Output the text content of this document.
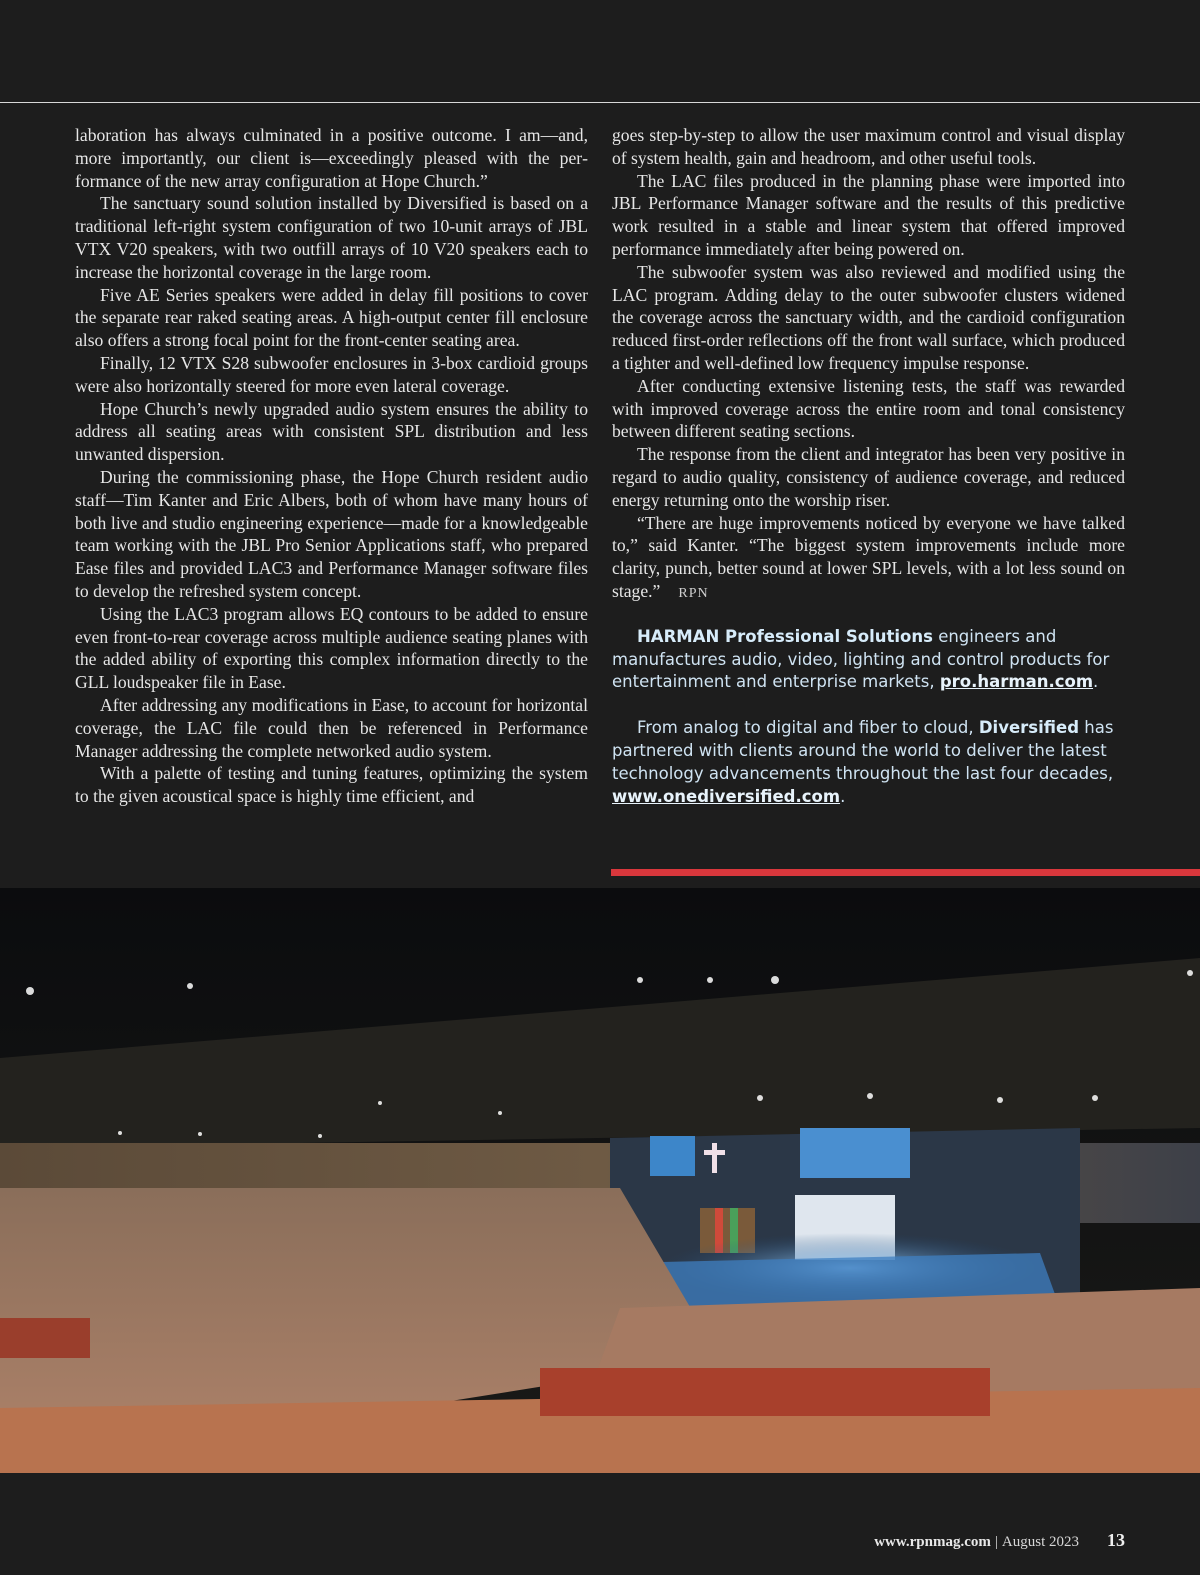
laboration has always culminated in a positive outcome. I am—and, more importantly, our client is—exceedingly pleased with the performance of the new array configuration at Hope Church.”

The sanctuary sound solution installed by Diversified is based on a traditional left-right system configuration of two 10-unit arrays of JBL VTX V20 speakers, with two outfill arrays of 10 V20 speakers each to increase the horizontal coverage in the large room.

Five AE Series speakers were added in delay fill positions to cover the separate rear raked seating areas. A high-output center fill enclosure also offers a strong focal point for the front-center seating area.

Finally, 12 VTX S28 subwoofer enclosures in 3-box cardioid groups were also horizontally steered for more even lateral coverage.

Hope Church’s newly upgraded audio system ensures the ability to address all seating areas with consistent SPL distribution and less unwanted dispersion.

During the commissioning phase, the Hope Church resident audio staff—Tim Kanter and Eric Albers, both of whom have many hours of both live and studio engineering experience—made for a knowledgeable team working with the JBL Pro Senior Applications staff, who prepared Ease files and provided LAC3 and Performance Manager software files to develop the refreshed system concept.

Using the LAC3 program allows EQ contours to be added to ensure even front-to-rear coverage across multiple audience seating planes with the added ability of exporting this complex information directly to the GLL loudspeaker file in Ease.

After addressing any modifications in Ease, to account for horizontal coverage, the LAC file could then be referenced in Performance Manager addressing the complete networked audio system.

With a palette of testing and tuning features, optimizing the system to the given acoustical space is highly time efficient, and

goes step-by-step to allow the user maximum control and visual display of system health, gain and headroom, and other useful tools.

The LAC files produced in the planning phase were imported into JBL Performance Manager software and the results of this predictive work resulted in a stable and linear system that offered improved performance immediately after being powered on.

The subwoofer system was also reviewed and modified using the LAC program. Adding delay to the outer subwoofer clusters widened the coverage across the sanctuary width, and the cardioid configuration reduced first-order reflections off the front wall surface, which produced a tighter and well-defined low frequency impulse response.

After conducting extensive listening tests, the staff was rewarded with improved coverage across the entire room and tonal consistency between different seating sections.

The response from the client and integrator has been very positive in regard to audio quality, consistency of audience coverage, and reduced energy returning onto the worship riser.

“There are huge improvements noticed by everyone we have talked to,” said Kanter. “The biggest system improvements include more clarity, punch, better sound at lower SPL levels, with a lot less sound on stage.” RPN

HARMAN Professional Solutions engineers and manufactures audio, video, lighting and control products for entertainment and enterprise markets, pro.harman.com.

From analog to digital and fiber to cloud, Diversified has partnered with clients around the world to deliver the latest technology advancements throughout the last four decades, www.onediversified.com.

www.rpnmag.com | August 2023 13
